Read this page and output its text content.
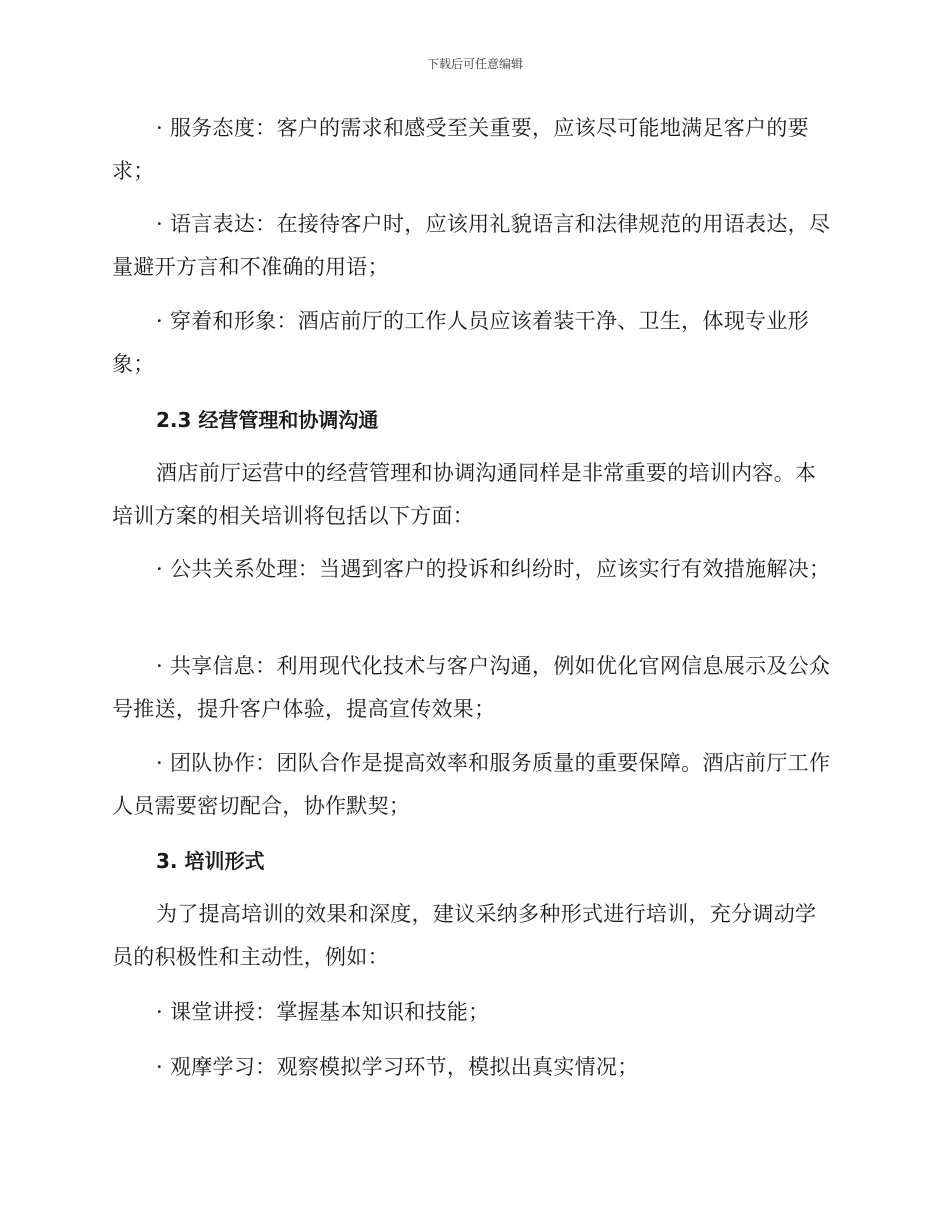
下载后可任意编辑

· 服务态度：客户的需求和感受至关重要，应该尽可能地满足客户的要求；

· 语言表达：在接待客户时，应该用礼貌语言和法律规范的用语表达，尽量避开方言和不准确的用语；

· 穿着和形象：酒店前厅的工作人员应该着装干净、卫生，体现专业形象；

2.3 经营管理和协调沟通

酒店前厅运营中的经营管理和协调沟通同样是非常重要的培训内容。本培训方案的相关培训将包括以下方面：

· 公共关系处理：当遇到客户的投诉和纠纷时，应该实行有效措施解决；

· 共享信息：利用现代化技术与客户沟通，例如优化官网信息展示及公众号推送，提升客户体验，提高宣传效果；

· 团队协作：团队合作是提高效率和服务质量的重要保障。酒店前厅工作人员需要密切配合，协作默契；

3. 培训形式

为了提高培训的效果和深度，建议采纳多种形式进行培训，充分调动学员的积极性和主动性，例如：

· 课堂讲授：掌握基本知识和技能；

· 观摩学习：观察模拟学习环节，模拟出真实情况；
